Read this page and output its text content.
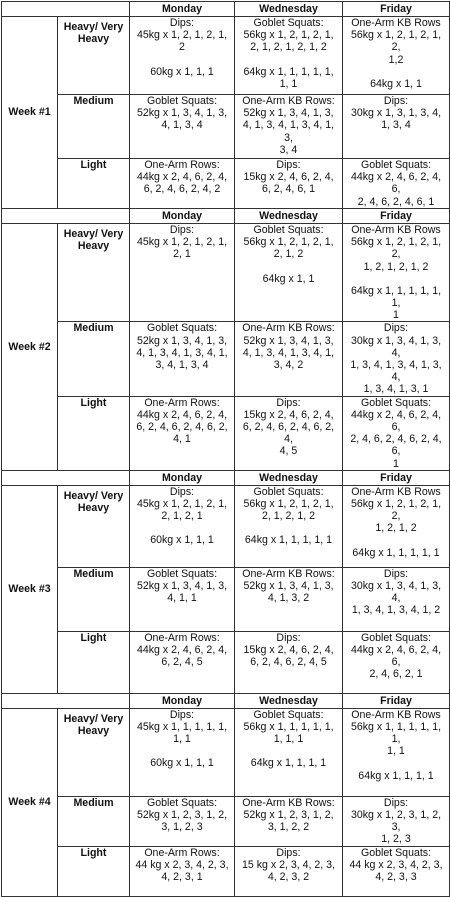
		Monday	Wednesday	Friday
Week #1	Heavy/ Very Heavy	Dips:
45kg x 1, 2, 1, 2, 1, 2
60kg x 1, 1, 1	Goblet Squats:
56kg x 1, 2, 1, 2, 1,
2, 1, 2, 1, 2, 1, 2
64kg x 1, 1, 1, 1, 1,
1, 1	One-Arm KB Rows
56kg x 1, 2, 1, 2, 1, 2,
1,2
64kg x 1, 1

	Medium	Goblet Squats:
52kg x 1, 3, 4, 1, 3,
4, 1, 3, 4	One-Arm KB Rows:
52kg x 1, 3, 4, 1, 3,
4, 1, 3, 4, 1, 3, 4, 1, 3,
3, 4	Dips:
30kg x 1, 3, 1, 3, 4,
1, 3, 4

	Light	One-Arm Rows:
44kg x 2, 4, 6, 2, 4,
6, 2, 4, 6, 2, 4, 2	Dips:
15kg x 2, 4, 6, 2, 4,
6, 2, 4, 6, 1	Goblet Squats:
44kg x 2, 4, 6, 2, 4, 6,
2, 4, 6, 2, 4, 6, 1

		Monday	Wednesday	Friday
Week #2	Heavy/ Very Heavy	Dips:
45kg x 1, 2, 1, 2, 1,
2, 1	Goblet Squats:
56kg x 1, 2, 1, 2, 1,
2, 1, 2
64kg x 1, 1	One-Arm KB Rows
56kg x 1, 2, 1, 2, 1, 2,
1, 2, 1, 2, 1, 2
64kg x 1, 1, 1, 1, 1, 1,
1

	Medium	Goblet Squats:
52kg x 1, 3, 4, 1, 3,
4, 1, 3, 4, 1, 3, 4, 1,
3, 4, 1, 3, 4	One-Arm KB Rows:
52kg x 1, 3, 4, 1, 3,
4, 1, 3, 4, 1, 3, 4, 1,
3, 4, 2	Dips:
30kg x 1, 3, 4, 1, 3, 4,
1, 3, 4, 1, 3, 4, 1, 3, 4,
1, 3, 4, 1, 3, 1

	Light	One-Arm Rows:
44kg x 2, 4, 6, 2, 4,
6, 2, 4, 6, 2, 4, 6, 2,
4, 1	Dips:
15kg x 2, 4, 6, 2, 4,
6, 2, 4, 6, 2, 4, 6, 2, 4,
4, 5	Goblet Squats:
44kg x 2, 4, 6, 2, 4, 6,
2, 4, 6, 2, 4, 6, 2, 4, 6,
1

		Monday	Wednesday	Friday
Week #3	Heavy/ Very Heavy	Dips:
45kg x 1, 2, 1, 2, 1,
2, 1, 2, 1
60kg x 1, 1, 1	Goblet Squats:
56kg x 1, 2, 1, 2, 1,
2, 1, 2, 1, 2
64kg x 1, 1, 1, 1, 1	One-Arm KB Rows
56kg x 1, 2, 1, 2, 1, 2,
1, 2, 1, 2
64kg x 1, 1, 1, 1, 1

	Medium	Goblet Squats:
52kg x 1, 3, 4, 1, 3,
4, 1, 1	One-Arm KB Rows:
52kg x 1, 3, 4, 1, 3,
4, 1, 3, 2	Dips:
30kg x 1, 3, 4, 1, 3, 4,
1, 3, 4, 1, 3, 4, 1, 2

	Light	One-Arm Rows:
44kg x 2, 4, 6, 2, 4,
6, 2, 4, 5	Dips:
15kg x 2, 4, 6, 2, 4,
6, 2, 4, 6, 2, 4, 5	Goblet Squats:
44kg x 2, 4, 6, 2, 4, 6,
2, 4, 6, 2, 1

		Monday	Wednesday	Friday
Week #4	Heavy/ Very Heavy	Dips:
45kg x 1, 1, 1, 1, 1,
1, 1
60kg x 1, 1, 1	Goblet Squats:
56kg x 1, 1, 1, 1, 1,
1, 1, 1
64kg x 1, 1, 1, 1	One-Arm KB Rows
56kg x 1, 1, 1, 1, 1, 1,
1, 1
64kg x 1, 1, 1, 1

	Medium	Goblet Squats:
52kg x 1, 2, 3, 1, 2,
3, 1, 2, 3	One-Arm KB Rows:
52kg x 1, 2, 3, 1, 2,
3, 1, 2, 2	Dips:
30kg x 1, 2, 3, 1, 2, 3,
1, 2, 3

	Light	One-Arm Rows:
44 kg x 2, 3, 4, 2, 3,
4, 2, 3, 1	Dips:
15 kg x 2, 3, 4, 2, 3,
4, 2, 3, 2	Goblet Squats:
44 kg x 2, 3, 4, 2, 3,
4, 2, 3, 3
